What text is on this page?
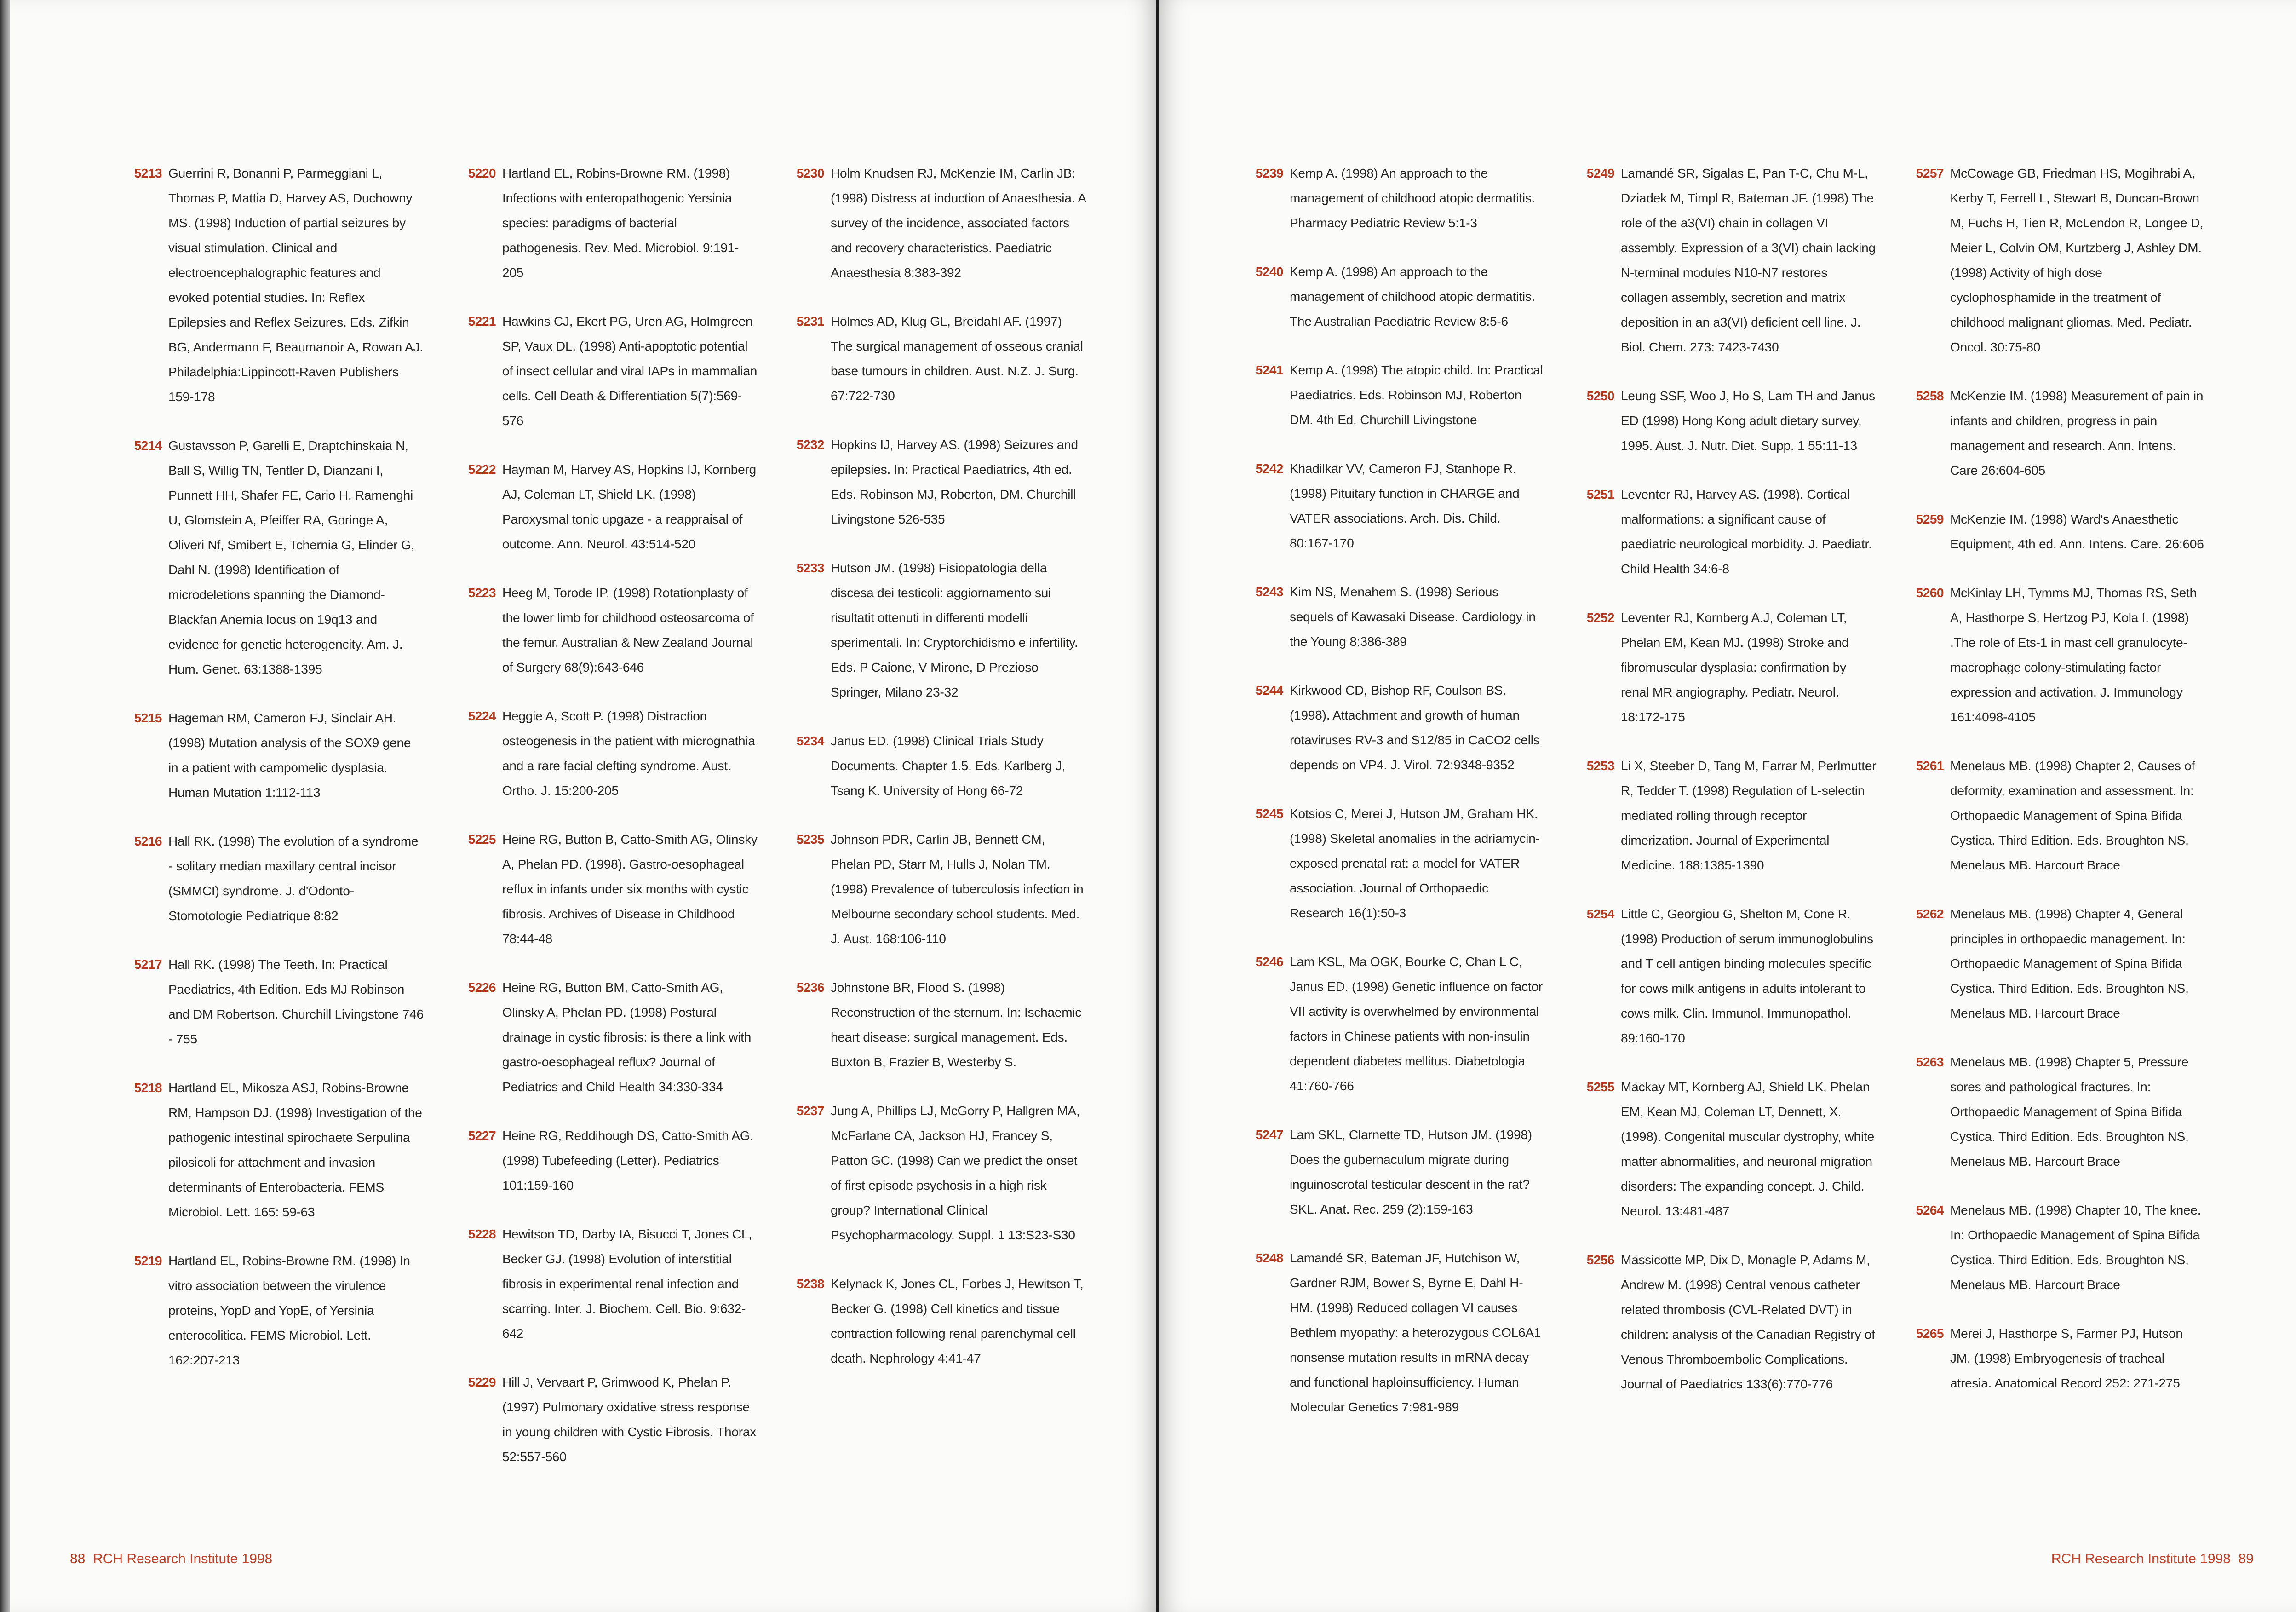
5213 Guerrini R, Bonanni P, Parmeggiani L, Thomas P, Mattia D, Harvey AS, Duchowny MS. (1998) Induction of partial seizures by visual stimulation. Clinical and electroencephalographic features and evoked potential studies. In: Reflex Epilepsies and Reflex Seizures. Eds. Zifkin BG, Andermann F, Beaumanoir A, Rowan AJ. Philadelphia:Lippincott-Raven Publishers 159-178
5214 Gustavsson P, Garelli E, Draptchinskaia N, Ball S, Willig TN, Tentler D, Dianzani I, Punnett HH, Shafer FE, Cario H, Ramenghi U, Glomstein A, Pfeiffer RA, Goringe A, Oliveri Nf, Smibert E, Tchernia G, Elinder G, Dahl N. (1998) Identification of microdeletions spanning the Diamond-Blackfan Anemia locus on 19q13 and evidence for genetic heterogencity. Am. J. Hum. Genet. 63:1388-1395
5215 Hageman RM, Cameron FJ, Sinclair AH. (1998) Mutation analysis of the SOX9 gene in a patient with campomelic dysplasia. Human Mutation 1:112-113
5216 Hall RK. (1998) The evolution of a syndrome - solitary median maxillary central incisor (SMMCI) syndrome. J. d'Odonto-Stomotologie Pediatrique 8:82
5217 Hall RK. (1998) The Teeth. In: Practical Paediatrics, 4th Edition. Eds MJ Robinson and DM Robertson. Churchill Livingstone 746 - 755
5218 Hartland EL, Mikosza ASJ, Robins-Browne RM, Hampson DJ. (1998) Investigation of the pathogenic intestinal spirochaete Serpulina pilosicoli for attachment and invasion determinants of Enterobacteria. FEMS Microbiol. Lett. 165: 59-63
5219 Hartland EL, Robins-Browne RM. (1998) In vitro association between the virulence proteins, YopD and YopE, of Yersinia enterocolitica. FEMS Microbiol. Lett. 162:207-213
5220 Hartland EL, Robins-Browne RM. (1998) Infections with enteropathogenic Yersinia species: paradigms of bacterial pathogenesis. Rev. Med. Microbiol. 9:191-205
5221 Hawkins CJ, Ekert PG, Uren AG, Holmgreen SP, Vaux DL. (1998) Anti-apoptotic potential of insect cellular and viral IAPs in mammalian cells. Cell Death & Differentiation 5(7):569-576
5222 Hayman M, Harvey AS, Hopkins IJ, Kornberg AJ, Coleman LT, Shield LK. (1998) Paroxysmal tonic upgaze - a reappraisal of outcome. Ann. Neurol. 43:514-520
5223 Heeg M, Torode IP. (1998) Rotationplasty of the lower limb for childhood osteosarcoma of the femur. Australian & New Zealand Journal of Surgery 68(9):643-646
5224 Heggie A, Scott P. (1998) Distraction osteogenesis in the patient with micrognathia and a rare facial clefting syndrome. Aust. Ortho. J. 15:200-205
5225 Heine RG, Button B, Catto-Smith AG, Olinsky A, Phelan PD. (1998). Gastro-oesophageal reflux in infants under six months with cystic fibrosis. Archives of Disease in Childhood 78:44-48
5226 Heine RG, Button BM, Catto-Smith AG, Olinsky A, Phelan PD. (1998) Postural drainage in cystic fibrosis: is there a link with gastro-oesophageal reflux? Journal of Pediatrics and Child Health 34:330-334
5227 Heine RG, Reddihough DS, Catto-Smith AG. (1998) Tubefeeding (Letter). Pediatrics 101:159-160
5228 Hewitson TD, Darby IA, Bisucci T, Jones CL, Becker GJ. (1998) Evolution of interstitial fibrosis in experimental renal infection and scarring. Inter. J. Biochem. Cell. Bio. 9:632-642
5229 Hill J, Vervaart P, Grimwood K, Phelan P. (1997) Pulmonary oxidative stress response in young children with Cystic Fibrosis. Thorax 52:557-560
5230 Holm Knudsen RJ, McKenzie IM, Carlin JB: (1998) Distress at induction of Anaesthesia. A survey of the incidence, associated factors and recovery characteristics. Paediatric Anaesthesia 8:383-392
5231 Holmes AD, Klug GL, Breidahl AF. (1997) The surgical management of osseous cranial base tumours in children. Aust. N.Z. J. Surg. 67:722-730
5232 Hopkins IJ, Harvey AS. (1998) Seizures and epilepsies. In: Practical Paediatrics, 4th ed. Eds. Robinson MJ, Roberton, DM. Churchill Livingstone 526-535
5233 Hutson JM. (1998) Fisiopatologia della discesa dei testicoli: aggiornamento sui risultatit ottenuti in differenti modelli sperimentali. In: Cryptorchidismo e infertility. Eds. P Caione, V Mirone, D Prezioso Springer, Milano 23-32
5234 Janus ED. (1998) Clinical Trials Study Documents. Chapter 1.5. Eds. Karlberg J, Tsang K. University of Hong 66-72
5235 Johnson PDR, Carlin JB, Bennett CM, Phelan PD, Starr M, Hulls J, Nolan TM. (1998) Prevalence of tuberculosis infection in Melbourne secondary school students. Med. J. Aust. 168:106-110
5236 Johnstone BR, Flood S. (1998) Reconstruction of the sternum. In: Ischaemic heart disease: surgical management. Eds. Buxton B, Frazier B, Westerby S.
5237 Jung A, Phillips LJ, McGorry P, Hallgren MA, McFarlane CA, Jackson HJ, Francey S, Patton GC. (1998) Can we predict the onset of first episode psychosis in a high risk group? International Clinical Psychopharmacology. Suppl. 1 13:S23-S30
5238 Kelynack K, Jones CL, Forbes J, Hewitson T, Becker G. (1998) Cell kinetics and tissue contraction following renal parenchymal cell death. Nephrology 4:41-47
88 RCH Research Institute 1998
5239 Kemp A. (1998) An approach to the management of childhood atopic dermatitis. Pharmacy Pediatric Review 5:1-3
5240 Kemp A. (1998) An approach to the management of childhood atopic dermatitis. The Australian Paediatric Review 8:5-6
5241 Kemp A. (1998) The atopic child. In: Practical Paediatrics. Eds. Robinson MJ, Roberton DM. 4th Ed. Churchill Livingstone
5242 Khadilkar VV, Cameron FJ, Stanhope R. (1998) Pituitary function in CHARGE and VATER associations. Arch. Dis. Child. 80:167-170
5243 Kim NS, Menahem S. (1998) Serious sequels of Kawasaki Disease. Cardiology in the Young 8:386-389
5244 Kirkwood CD, Bishop RF, Coulson BS. (1998). Attachment and growth of human rotaviruses RV-3 and S12/85 in CaCO2 cells depends on VP4. J. Virol. 72:9348-9352
5245 Kotsios C, Merei J, Hutson JM, Graham HK. (1998) Skeletal anomalies in the adriamycin-exposed prenatal rat: a model for VATER association. Journal of Orthopaedic Research 16(1):50-3
5246 Lam KSL, Ma OGK, Bourke C, Chan L C, Janus ED. (1998) Genetic influence on factor VII activity is overwhelmed by environmental factors in Chinese patients with non-insulin dependent diabetes mellitus. Diabetologia 41:760-766
5247 Lam SKL, Clarnette TD, Hutson JM. (1998) Does the gubernaculum migrate during inguinoscrotal testicular descent in the rat? SKL. Anat. Rec. 259 (2):159-163
5248 Lamandé SR, Bateman JF, Hutchison W, Gardner RJM, Bower S, Byrne E, Dahl H-HM. (1998) Reduced collagen VI causes Bethlem myopathy: a heterozygous COL6A1 nonsense mutation results in mRNA decay and functional haploinsufficiency. Human Molecular Genetics 7:981-989
5249 Lamandé SR, Sigalas E, Pan T-C, Chu M-L, Dziadek M, Timpl R, Bateman JF. (1998) The role of the a3(VI) chain in collagen VI assembly. Expression of a 3(VI) chain lacking N-terminal modules N10-N7 restores collagen assembly, secretion and matrix deposition in an a3(VI) deficient cell line. J. Biol. Chem. 273: 7423-7430
5250 Leung SSF, Woo J, Ho S, Lam TH and Janus ED (1998) Hong Kong adult dietary survey, 1995. Aust. J. Nutr. Diet. Supp. 1 55:11-13
5251 Leventer RJ, Harvey AS. (1998). Cortical malformations: a significant cause of paediatric neurological morbidity. J. Paediatr. Child Health 34:6-8
5252 Leventer RJ, Kornberg A.J, Coleman LT, Phelan EM, Kean MJ. (1998) Stroke and fibromuscular dysplasia: confirmation by renal MR angiography. Pediatr. Neurol. 18:172-175
5253 Li X, Steeber D, Tang M, Farrar M, Perlmutter R, Tedder T. (1998) Regulation of L-selectin mediated rolling through receptor dimerization. Journal of Experimental Medicine. 188:1385-1390
5254 Little C, Georgiou G, Shelton M, Cone R. (1998) Production of serum immunoglobulins and T cell antigen binding molecules specific for cows milk antigens in adults intolerant to cows milk. Clin. Immunol. Immunopathol. 89:160-170
5255 Mackay MT, Kornberg AJ, Shield LK, Phelan EM, Kean MJ, Coleman LT, Dennett, X. (1998). Congenital muscular dystrophy, white matter abnormalities, and neuronal migration disorders: The expanding concept. J. Child. Neurol. 13:481-487
5256 Massicotte MP, Dix D, Monagle P, Adams M, Andrew M. (1998) Central venous catheter related thrombosis (CVL-Related DVT) in children: analysis of the Canadian Registry of Venous Thromboembolic Complications. Journal of Paediatrics 133(6):770-776
5257 McCowage GB, Friedman HS, Mogihrabi A, Kerby T, Ferrell L, Stewart B, Duncan-Brown M, Fuchs H, Tien R, McLendon R, Longee D, Meier L, Colvin OM, Kurtzberg J, Ashley DM. (1998) Activity of high dose cyclophosphamide in the treatment of childhood malignant gliomas. Med. Pediatr. Oncol. 30:75-80
5258 McKenzie IM. (1998) Measurement of pain in infants and children, progress in pain management and research. Ann. Intens. Care 26:604-605
5259 McKenzie IM. (1998) Ward's Anaesthetic Equipment, 4th ed. Ann. Intens. Care. 26:606
5260 McKinlay LH, Tymms MJ, Thomas RS, Seth A, Hasthorpe S, Hertzog PJ, Kola I. (1998) .The role of Ets-1 in mast cell granulocyte-macrophage colony-stimulating factor expression and activation. J. Immunology 161:4098-4105
5261 Menelaus MB. (1998) Chapter 2, Causes of deformity, examination and assessment. In: Orthopaedic Management of Spina Bifida Cystica. Third Edition. Eds. Broughton NS, Menelaus MB. Harcourt Brace
5262 Menelaus MB. (1998) Chapter 4, General principles in orthopaedic management. In: Orthopaedic Management of Spina Bifida Cystica. Third Edition. Eds. Broughton NS, Menelaus MB. Harcourt Brace
5263 Menelaus MB. (1998) Chapter 5, Pressure sores and pathological fractures. In: Orthopaedic Management of Spina Bifida Cystica. Third Edition. Eds. Broughton NS, Menelaus MB. Harcourt Brace
5264 Menelaus MB. (1998) Chapter 10, The knee. In: Orthopaedic Management of Spina Bifida Cystica. Third Edition. Eds. Broughton NS, Menelaus MB. Harcourt Brace
5265 Merei J, Hasthorpe S, Farmer PJ, Hutson JM. (1998) Embryogenesis of tracheal atresia. Anatomical Record 252: 271-275
RCH Research Institute 1998 89
